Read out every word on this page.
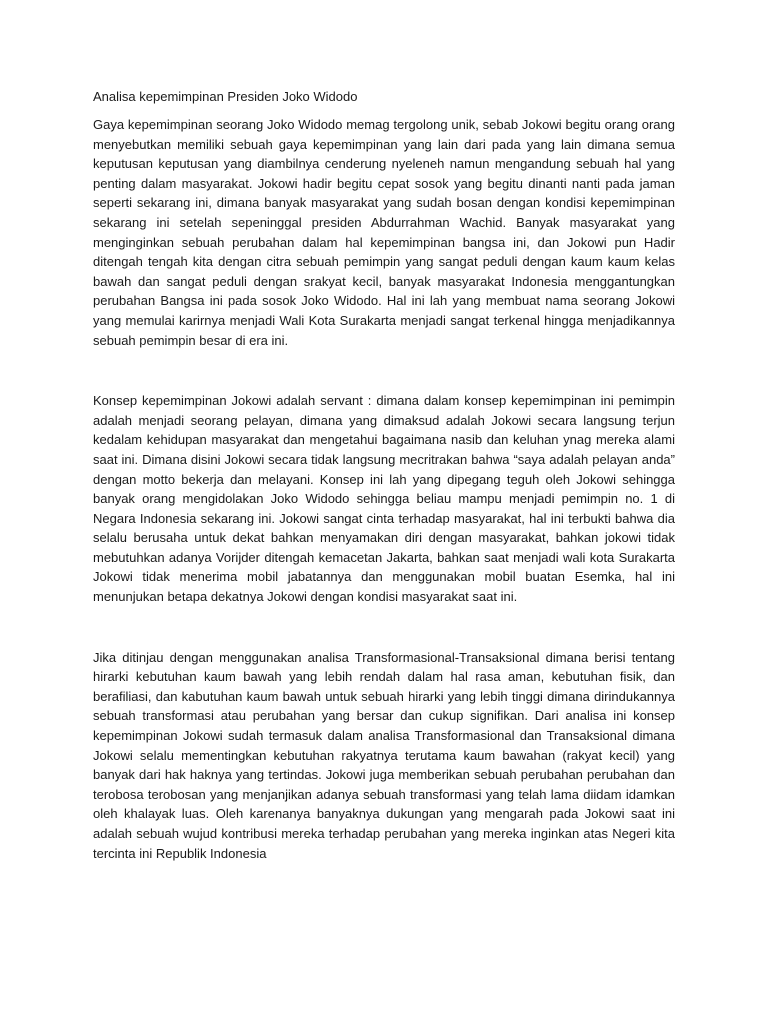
Analisa kepemimpinan Presiden Joko Widodo

Gaya kepemimpinan seorang Joko Widodo memag tergolong unik, sebab Jokowi begitu orang orang menyebutkan memiliki sebuah gaya kepemimpinan yang lain dari pada yang lain dimana semua keputusan keputusan yang diambilnya cenderung nyeleneh namun mengandung sebuah hal yang penting dalam masyarakat. Jokowi hadir begitu cepat sosok yang begitu dinanti nanti pada jaman seperti sekarang ini, dimana banyak masyarakat yang sudah bosan dengan kondisi kepemimpinan sekarang ini setelah sepeninggal presiden Abdurrahman Wachid. Banyak masyarakat yang menginginkan sebuah perubahan dalam hal kepemimpinan bangsa ini, dan Jokowi pun Hadir ditengah tengah kita dengan citra sebuah pemimpin yang sangat peduli dengan kaum kaum kelas bawah dan sangat peduli dengan srakyat kecil, banyak masyarakat Indonesia menggantungkan perubahan Bangsa ini pada sosok Joko Widodo. Hal ini lah yang membuat nama seorang Jokowi yang memulai karirnya menjadi Wali Kota Surakarta menjadi sangat terkenal hingga menjadikannya sebuah pemimpin besar di era ini.

Konsep kepemimpinan Jokowi adalah servant : dimana dalam konsep kepemimpinan ini pemimpin adalah menjadi seorang pelayan, dimana yang dimaksud adalah Jokowi secara langsung terjun kedalam kehidupan masyarakat dan mengetahui bagaimana nasib dan keluhan ynag mereka alami saat ini. Dimana disini Jokowi secara tidak langsung mecritrakan bahwa “saya adalah pelayan anda” dengan motto bekerja dan melayani. Konsep ini lah yang dipegang teguh oleh Jokowi sehingga banyak orang mengidolakan Joko Widodo sehingga beliau mampu menjadi pemimpin no. 1 di Negara Indonesia sekarang ini. Jokowi sangat cinta terhadap masyarakat, hal ini terbukti bahwa dia selalu berusaha untuk dekat bahkan menyamakan diri dengan masyarakat, bahkan jokowi tidak mebutuhkan adanya Vorijder ditengah kemacetan Jakarta, bahkan saat menjadi wali kota Surakarta Jokowi tidak menerima mobil jabatannya dan menggunakan mobil buatan Esemka, hal ini menunjukan betapa dekatnya Jokowi dengan kondisi masyarakat saat ini.

Jika ditinjau dengan menggunakan analisa Transformasional-Transaksional dimana berisi tentang hirarki kebutuhan kaum bawah yang lebih rendah dalam hal rasa aman, kebutuhan fisik, dan berafiliasi, dan kabutuhan kaum bawah untuk sebuah hirarki yang lebih tinggi dimana dirindukannya sebuah transformasi atau perubahan yang bersar dan cukup signifikan. Dari analisa ini konsep kepemimpinan Jokowi sudah termasuk dalam analisa Transformasional dan Transaksional dimana Jokowi selalu mementingkan kebutuhan rakyatnya terutama kaum bawahan (rakyat kecil) yang banyak dari hak haknya yang tertindas. Jokowi juga memberikan sebuah perubahan perubahan dan terobosa terobosan yang menjanjikan adanya sebuah transformasi yang telah lama diidam idamkan oleh khalayak luas. Oleh karenanya banyaknya dukungan yang mengarah pada Jokowi saat ini adalah sebuah wujud kontribusi mereka terhadap perubahan yang mereka inginkan atas Negeri kita tercinta ini Republik Indonesia
